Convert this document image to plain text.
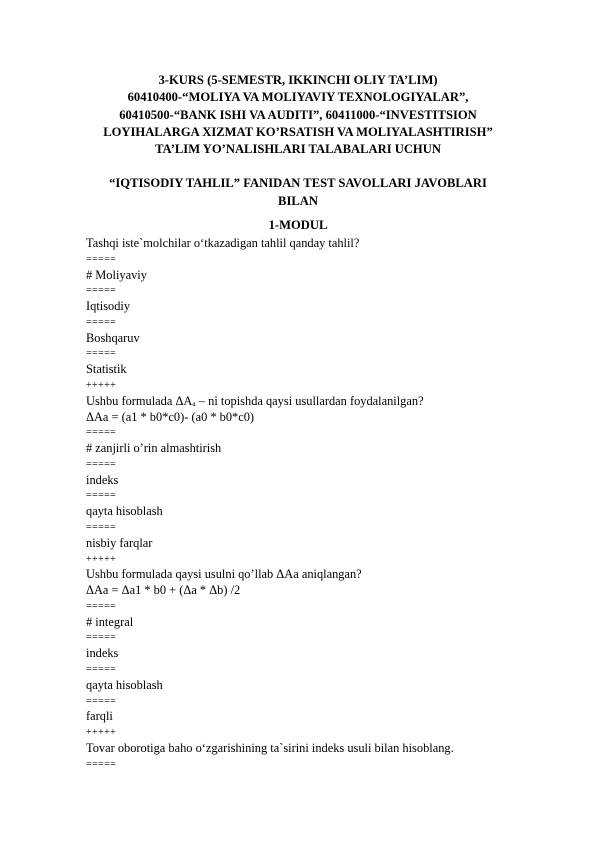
3-KURS (5-SEMESTR, IKKINCHI OLIY TA’LIM)
60410400-“MOLIYA VA MOLIYAVIY TEXNOLOGIYALAR”,
60410500-“BANK ISHI VA AUDITI”, 60411000-“INVESTITSION
LOYIHALARGA XIZMAT KO’RSATISH VA MOLIYALASHTIRISH”
TA’LIM YO’NALISHLARI TALABALARI UCHUN
“IQTISODIY TAHLIL” FANIDAN TEST SAVOLLARI JAVOBLARI
BILAN
1-MODUL
Tashqi iste`molchilar o‘tkazadigan tahlil qanday tahlil?
=====
# Moliyaviy
=====
Iqtisodiy
=====
Boshqaruv
=====
Statistik
+++++
Ushbu formulada ΔAₐ – ni topishda qaysi usullardan foydalanilgan?
ΔAa = (a1 * b0*c0)- (a0 * b0*c0)
=====
# zanjirli o’rin almashtirish
=====
indeks
=====
qayta hisoblash
=====
nisbiy farqlar
+++++
Ushbu formulada qaysi usulni qo’llab ΔAa aniqlangan?
ΔAa = Δa1 * b0 + (Δa * Δb) /2
=====
# integral
=====
indeks
=====
qayta hisoblash
=====
farqli
+++++
Tovar oborotiga baho o‘zgarishining ta`sirini indeks usuli bilan hisoblang.
=====
